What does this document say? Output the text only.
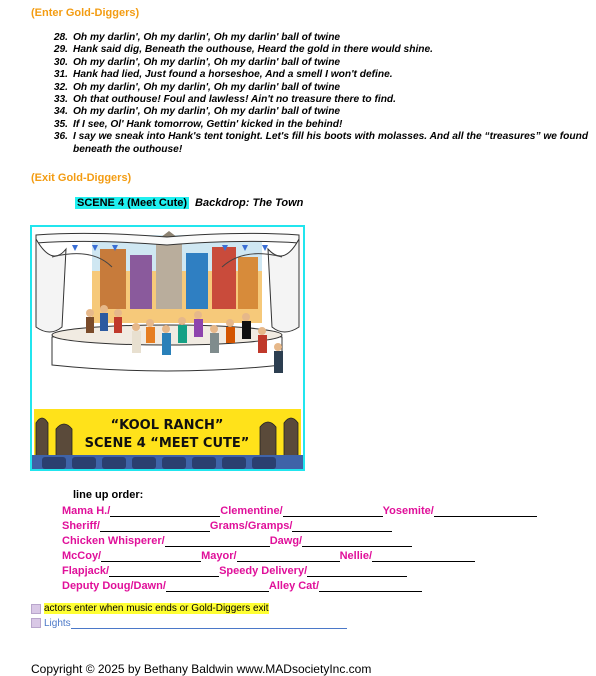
(Enter Gold-Diggers)
28. Oh my darlin', Oh my darlin', Oh my darlin' ball of twine
29. Hank said dig, Beneath the outhouse, Heard the gold in there would shine.
30. Oh my darlin', Oh my darlin', Oh my darlin' ball of twine
31. Hank had lied, Just found a horseshoe, And a smell I won't define.
32. Oh my darlin', Oh my darlin', Oh my darlin' ball of twine
33. Oh that outhouse! Foul and lawless! Ain't no treasure there to find.
34. Oh my darlin', Oh my darlin', Oh my darlin' ball of twine
35. If I see, Ol' Hank tomorrow, Gettin' kicked in the behind!
36. I say we sneak into Hank's tent tonight. Let's fill his boots with molasses. And all the “treasures” we found beneath the outhouse!
(Exit Gold-Diggers)
SCENE 4 (Meet Cute) Backdrop: The Town
“KOOL RANCH”
SCENE 4 “MEET CUTE”
line up order:
Mama H./	Clementine/	Yosemite/
Sheriff/	Grams/Gramps/
Chicken Whisperer/	Dawg/
McCoy/	Mayor/	Nellie/
Flapjack/	Speedy Delivery/
Deputy Doug/Dawn/	Alley Cat/
actors enter when music ends or Gold-Diggers exit
Lights
Copyright © 2025 by Bethany Baldwin www.MADsocietyInc.com
